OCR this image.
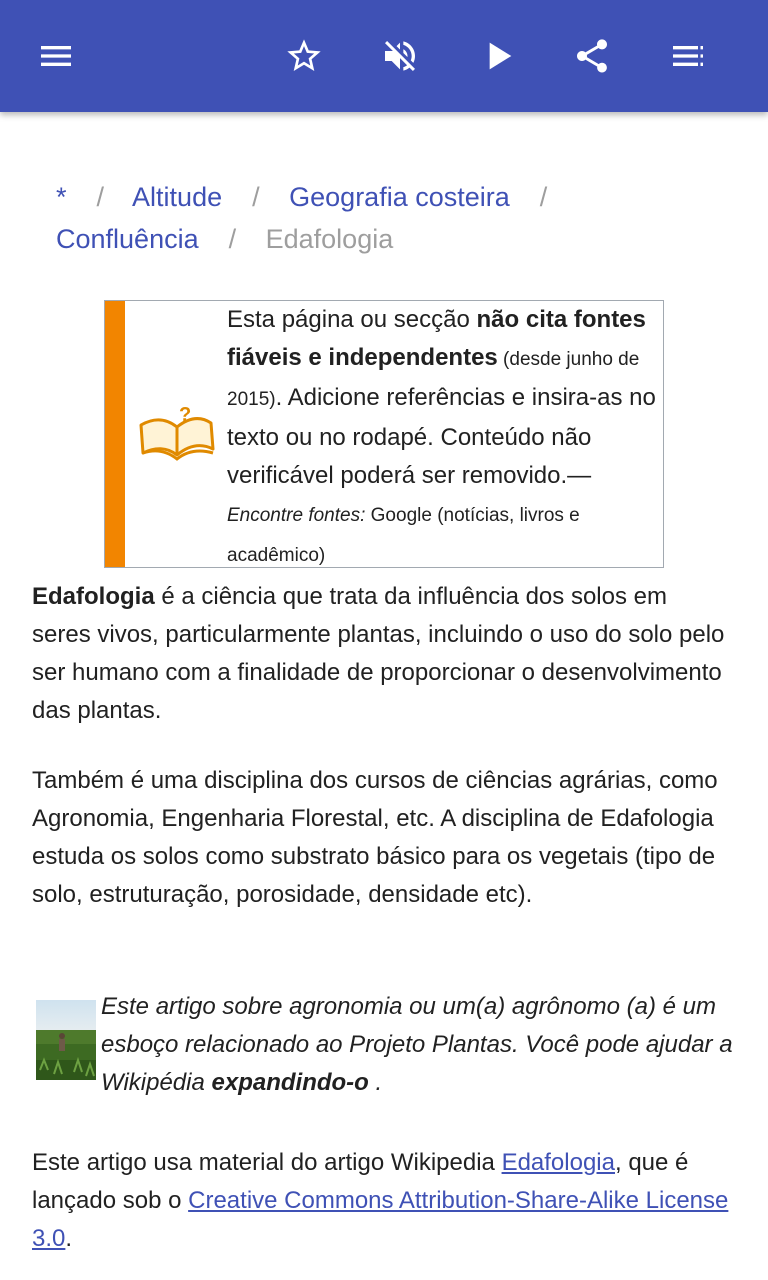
* / Altitude / Geografia costeira /
Confluência / Edafologia
?
Esta página ou secção não cita fontes fiáveis e independentes (desde junho de 2015). Adicione referências e insira-as no texto ou no rodapé. Conteúdo não verificável poderá ser removido.—Encontre fontes: Google (notícias, livros e acadêmico)
Edafologia é a ciência que trata da influência dos solos em seres vivos, particularmente plantas, incluindo o uso do solo pelo ser humano com a finalidade de proporcionar o desenvolvimento das plantas.
Também é uma disciplina dos cursos de ciências agrárias, como Agronomia, Engenharia Florestal, etc. A disciplina de Edafologia estuda os solos como substrato básico para os vegetais (tipo de solo, estruturação, porosidade, densidade etc).
Este artigo sobre agronomia ou um(a) agrônomo (a) é um esboço relacionado ao Projeto Plantas. Você pode ajudar a Wikipédia expandindo-o .
Este artigo usa material do artigo Wikipedia Edafologia, que é lançado sob o Creative Commons Attribution-Share-Alike License 3.0.
